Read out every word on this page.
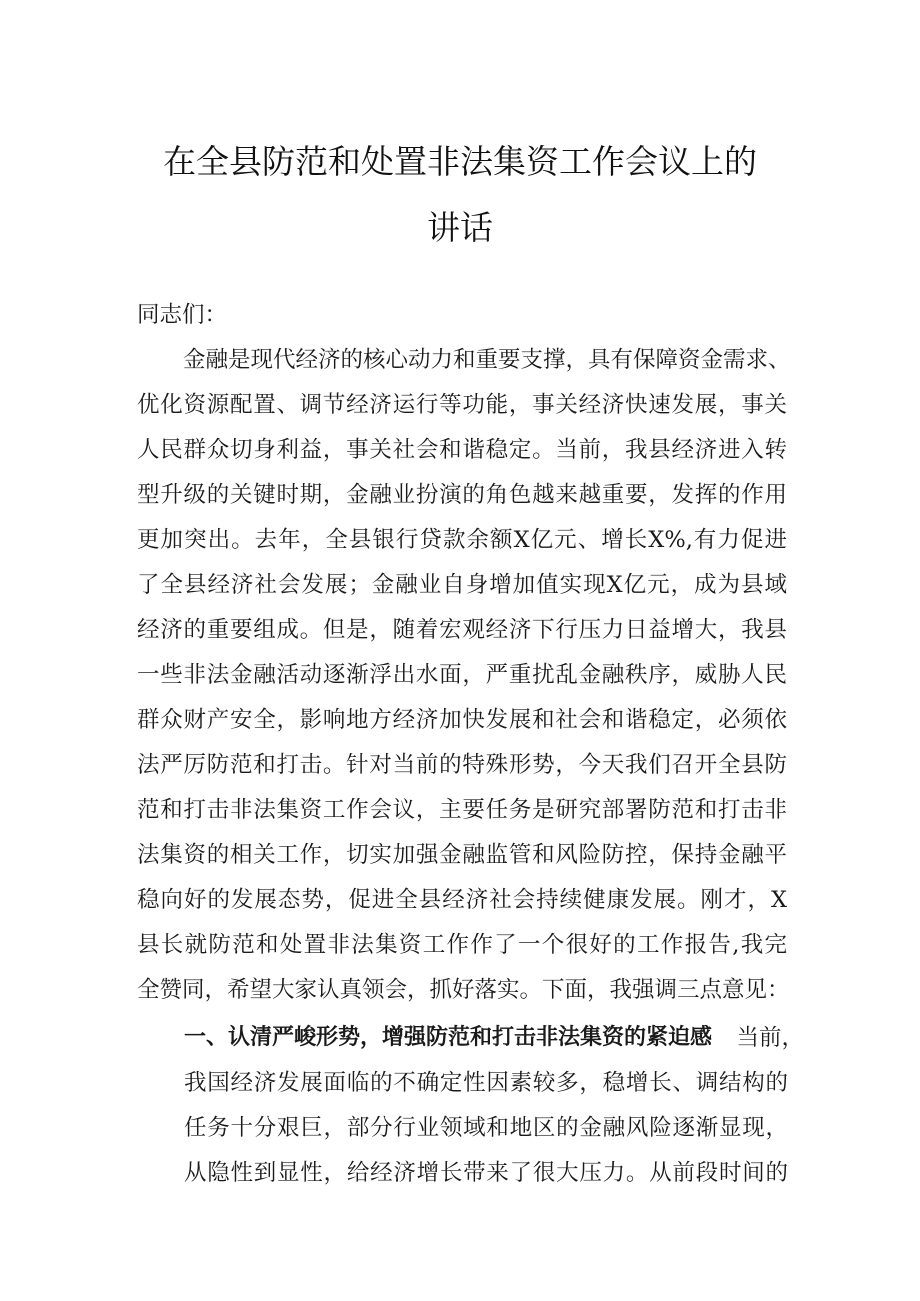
在全县防范和处置非法集资工作会议上的
讲话
同志们：
金融是现代经济的核心动力和重要支撑，具有保障资金需求、
优化资源配置、调节经济运行等功能，事关经济快速发展，事关
人民群众切身利益，事关社会和谐稳定。当前，我县经济进入转
型升级的关键时期，金融业扮演的角色越来越重要，发挥的作用
更加突出。去年，全县银行贷款余额X亿元、增长X%,有力促进
了全县经济社会发展；金融业自身增加值实现X亿元，成为县域
经济的重要组成。但是，随着宏观经济下行压力日益增大，我县
一些非法金融活动逐渐浮出水面，严重扰乱金融秩序，威胁人民
群众财产安全，影响地方经济加快发展和社会和谐稳定，必须依
法严厉防范和打击。针对当前的特殊形势，今天我们召开全县防
范和打击非法集资工作会议，主要任务是研究部署防范和打击非
法集资的相关工作，切实加强金融监管和风险防控，保持金融平
稳向好的发展态势，促进全县经济社会持续健康发展。刚才，X
县长就防范和处置非法集资工作作了一个很好的工作报告,我完
全赞同，希望大家认真领会，抓好落实。下面，我强调三点意见：
一、认清严峻形势，增强防范和打击非法集资的紧迫感 当前，
我国经济发展面临的不确定性因素较多，稳增长、调结构的
任务十分艰巨，部分行业领域和地区的金融风险逐渐显现，
从隐性到显性，给经济增长带来了很大压力。从前段时间的
